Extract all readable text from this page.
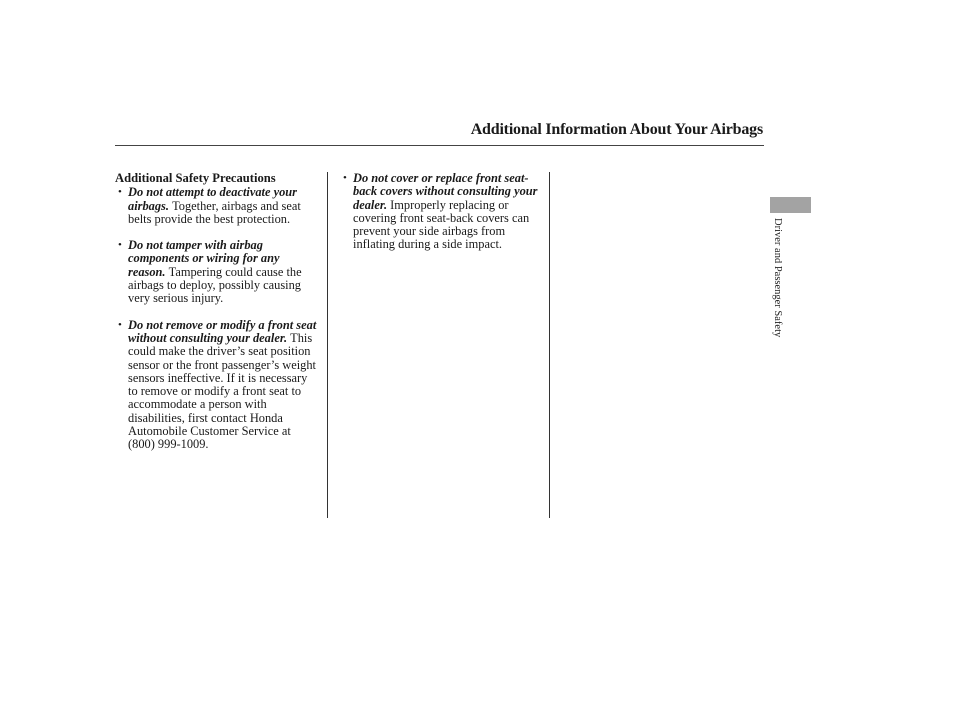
Additional Information About Your Airbags
Additional Safety Precautions
• Do not attempt to deactivate your airbags. Together, airbags and seat belts provide the best protection.
• Do not tamper with airbag components or wiring for any reason. Tampering could cause the airbags to deploy, possibly causing very serious injury.
• Do not remove or modify a front seat without consulting your dealer. This could make the driver’s seat position sensor or the front passenger’s weight sensors ineffective. If it is necessary to remove or modify a front seat to accommodate a person with disabilities, first contact Honda Automobile Customer Service at (800) 999-1009.
• Do not cover or replace front seat-back covers without consulting your dealer. Improperly replacing or covering front seat-back covers can prevent your side airbags from inflating during a side impact.	Driver and Passenger Safety
